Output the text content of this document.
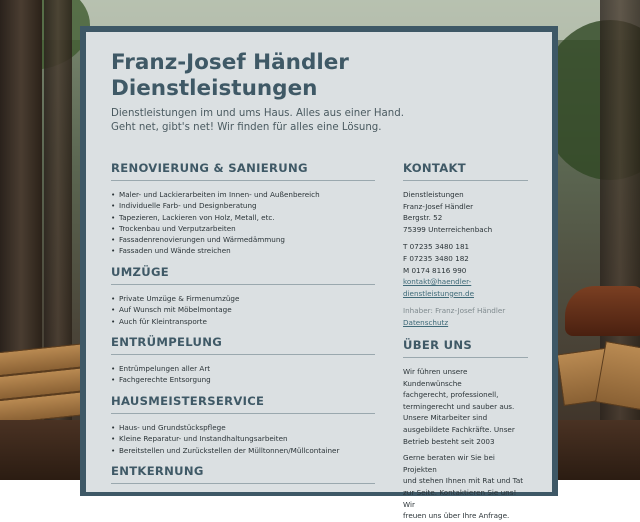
Franz-Josef Händler
Dienstleistungen

Dienstleistungen im und ums Haus. Alles aus einer Hand.
Geht net, gibt's net! Wir finden für alles eine Lösung.

RENOVIERUNG & SANIERUNG
• Maler- und Lackierarbeiten im Innen- und Außenbereich
• Individuelle Farb- und Designberatung
• Tapezieren, Lackieren von Holz, Metall, etc.
• Trockenbau und Verputzarbeiten
• Fassadenrenovierungen und Wärmedämmung
• Fassaden und Wände streichen
UMZÜGE
• Private Umzüge & Firmenumzüge
• Auf Wunsch mit Möbelmontage
• Auch für Kleintransporte
ENTRÜMPELUNG
• Entrümpelungen aller Art
• Fachgerechte Entsorgung
HAUSMEISTERSERVICE
• Haus- und Grundstückspflege
• Kleine Reparatur- und Instandhaltungsarbeiten
• Bereitstellen und Zurückstellen der Mülltonnen/Müllcontainer
ENTKERNUNG
KONTAKT

Dienstleistungen

Franz-Josef Händler

Bergstr. 52

75399 Unterreichenbach

T 07235 3480 181

F 07235 3480 182

M 0174 8116 990

kontakt@haendler-
dienstleistungen.de

Inhaber: Franz-Josef Händler

Datenschutz
ÜBER UNS

Wir führen unsere Kundenwünsche

fachgerecht, professionell,

termingerecht und sauber aus.

Unsere Mitarbeiter sind

ausgebildete Fachkräfte. Unser

Betrieb besteht seit 2003

Gerne beraten wir Sie bei Projekten

und stehen Ihnen mit Rat und Tat

zur Seite. Kontaktieren Sie uns! Wir

freuen uns über Ihre Anfrage.
